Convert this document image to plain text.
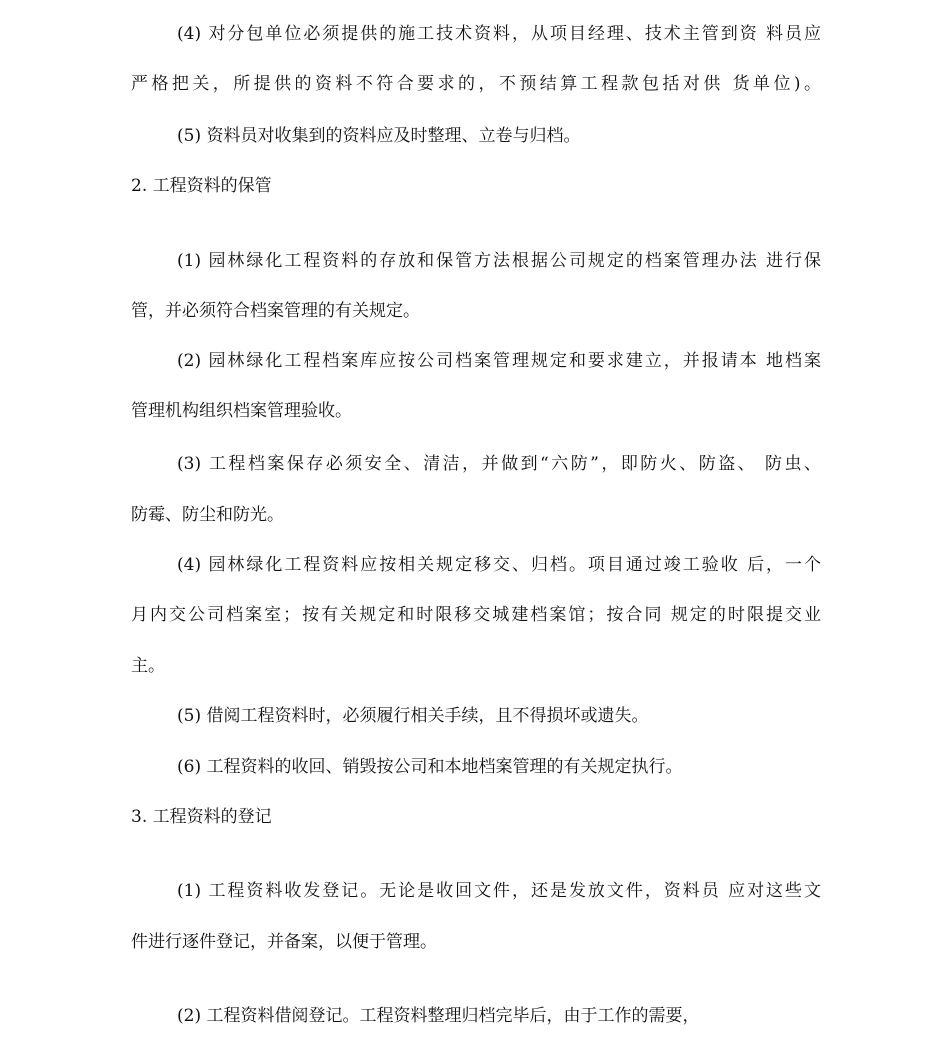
(4) 对分包单位必须提供的施工技术资料，从项目经理、技术主管到资 料员应
严格把关，所提供的资料不符合要求的，不预结算工程款包括对供 货单位)。
(5) 资料员对收集到的资料应及时整理、立卷与归档。
2. 工程资料的保管
(1) 园林绿化工程资料的存放和保管方法根据公司规定的档案管理办法 进行保
管，并必须符合档案管理的有关规定。
(2) 园林绿化工程档案库应按公司档案管理规定和要求建立，并报请本 地档案
管理机构组织档案管理验收。
(3) 工程档案保存必须安全、清洁，并做到“六防”，即防火、防盗、 防虫、
防霉、防尘和防光。
(4) 园林绿化工程资料应按相关规定移交、归档。项目通过竣工验收 后，一个
月内交公司档案室；按有关规定和时限移交城建档案馆；按合同 规定的时限提交业
主。
(5) 借阅工程资料时，必须履行相关手续，且不得损坏或遗失。
(6) 工程资料的收回、销毁按公司和本地档案管理的有关规定执行。
3. 工程资料的登记
(1) 工程资料收发登记。无论是收回文件，还是发放文件，资料员 应对这些文
件进行逐件登记，并备案，以便于管理。
(2) 工程资料借阅登记。工程资料整理归档完毕后，由于工作的需要，
